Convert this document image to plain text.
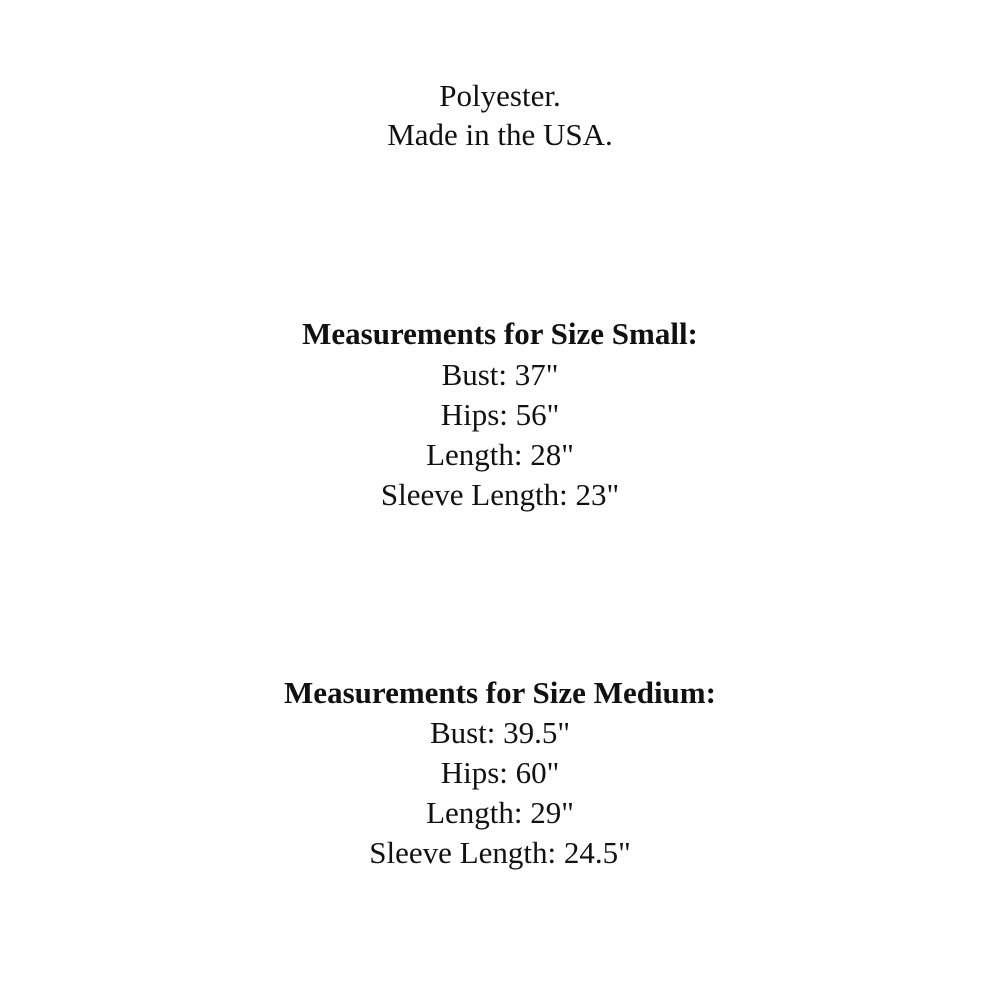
Polyester.
Made in the USA.
Measurements for Size Small:
Bust: 37"
Hips: 56"
Length: 28"
Sleeve Length: 23"
Measurements for Size Medium:
Bust: 39.5"
Hips: 60"
Length: 29"
Sleeve Length: 24.5"
